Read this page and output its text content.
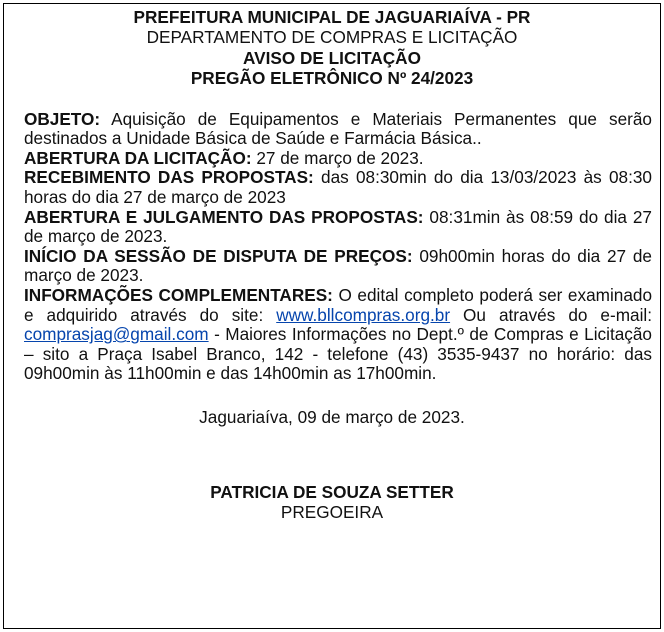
PREFEITURA MUNICIPAL DE JAGUARIAÍVA - PR
DEPARTAMENTO DE COMPRAS E LICITAÇÃO
AVISO DE LICITAÇÃO
PREGÃO ELETRÔNICO Nº 24/2023

OBJETO: Aquisição de Equipamentos e Materiais Permanentes que serão destinados a Unidade Básica de Saúde e Farmácia Básica..

ABERTURA DA LICITAÇÃO: 27 de março de 2023.

RECEBIMENTO DAS PROPOSTAS: das 08:30min do dia 13/03/2023 às 08:30 horas do dia 27 de março de 2023

ABERTURA E JULGAMENTO DAS PROPOSTAS: 08:31min às 08:59 do dia 27 de março de 2023.

INÍCIO DA SESSÃO DE DISPUTA DE PREÇOS: 09h00min horas do dia 27 de março de 2023.

INFORMAÇÕES COMPLEMENTARES: O edital completo poderá ser examinado e adquirido através do site: www.bllcompras.org.br Ou através do e-mail: comprasjag@gmail.com - Maiores Informações no Dept.º de Compras e Licitação – sito a Praça Isabel Branco, 142 - telefone (43) 3535-9437 no horário: das 09h00min às 11h00min e das 14h00min as 17h00min.

Jaguariaíva, 09 de março de 2023.
PATRICIA DE SOUZA SETTER
PREGOEIRA
